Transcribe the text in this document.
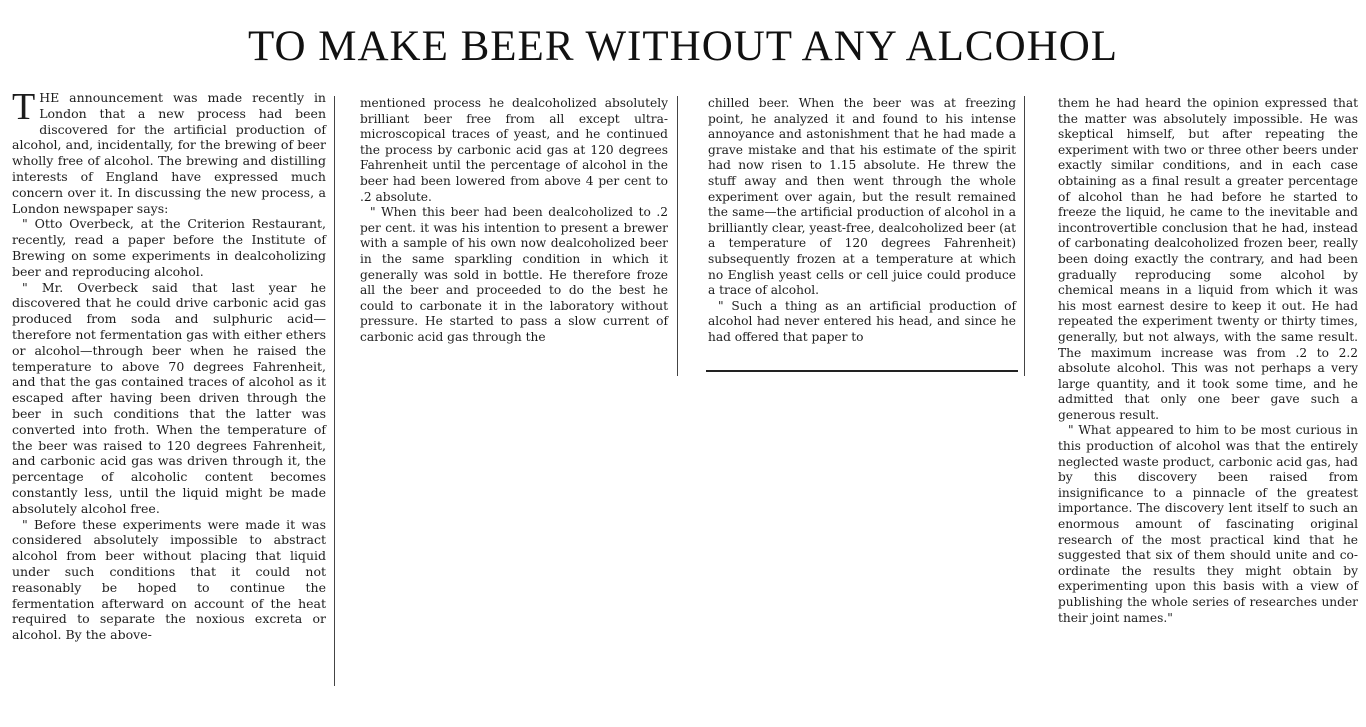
TO MAKE BEER WITHOUT ANY ALCOHOL
T HE announcement was made recently in London that a new process had been discovered for the artificial production of alcohol, and, incidentally, for the brewing of beer wholly free of alcohol. The brewing and distilling interests of England have expressed much concern over it. In discussing the new process, a London newspaper says:

" Otto Overbeck, at the Criterion Restaurant, recently, read a paper before the Institute of Brewing on some experiments in dealcoholizing beer and reproducing alcohol.

" Mr. Overbeck said that last year he discovered that he could drive carbonic acid gas produced from soda and sulphuric acid—therefore not fermentation gas with either ethers or alcohol—through beer when he raised the temperature to above 70 degrees Fahrenheit, and that the gas contained traces of alcohol as it escaped after having been driven through the beer in such conditions that the latter was converted into froth. When the temperature of the beer was raised to 120 degrees Fahrenheit, and carbonic acid gas was driven through it, the percentage of alcoholic content becomes constantly less, until the liquid might be made absolutely alcohol free.

" Before these experiments were made it was considered absolutely impossible to abstract alcohol from beer without placing that liquid under such conditions that it could not reasonably be hoped to continue the fermentation afterward on account of the heat required to separate the noxious excreta or alcohol. By the above-

mentioned process he dealcoholized absolutely brilliant beer free from all except ultra-microscopical traces of yeast, and he continued the process by carbonic acid gas at 120 degrees Fahrenheit until the percentage of alcohol in the beer had been lowered from above 4 per cent to .2 absolute.

" When this beer had been dealcoholized to .2 per cent. it was his intention to present a brewer with a sample of his own now dealcoholized beer in the same sparkling condition in which it generally was sold in bottle. He therefore froze all the beer and proceeded to do the best he could to carbonate it in the laboratory without pressure. He started to pass a slow current of carbonic acid gas through the

chilled beer. When the beer was at freezing point, he analyzed it and found to his intense annoyance and astonishment that he had made a grave mistake and that his estimate of the spirit had now risen to 1.15 absolute. He threw the stuff away and then went through the whole experiment over again, but the result remained the same—the artificial production of alcohol in a brilliantly clear, yeast-free, dealcoholized beer (at a temperature of 120 degrees Fahrenheit) subsequently frozen at a temperature at which no English yeast cells or cell juice could produce a trace of alcohol.

" Such a thing as an artificial production of alcohol had never entered his head, and since he had offered that paper to

them he had heard the opinion expressed that the matter was absolutely impossible. He was skeptical himself, but after repeating the experiment with two or three other beers under exactly similar conditions, and in each case obtaining as a final result a greater percentage of alcohol than he had before he started to freeze the liquid, he came to the inevitable and incontrovertible conclusion that he had, instead of carbonating dealcoholized frozen beer, really been doing exactly the contrary, and had been gradually reproducing some alcohol by chemical means in a liquid from which it was his most earnest desire to keep it out. He had repeated the experiment twenty or thirty times, generally, but not always, with the same result. The maximum increase was from .2 to 2.2 absolute alcohol. This was not perhaps a very large quantity, and it took some time, and he admitted that only one beer gave such a generous result.

" What appeared to him to be most curious in this production of alcohol was that the entirely neglected waste product, carbonic acid gas, had by this discovery been raised from insignificance to a pinnacle of the greatest importance. The discovery lent itself to such an enormous amount of fascinating original research of the most practical kind that he suggested that six of them should unite and co-ordinate the results they might obtain by experimenting upon this basis with a view of publishing the whole series of researches under their joint names."
